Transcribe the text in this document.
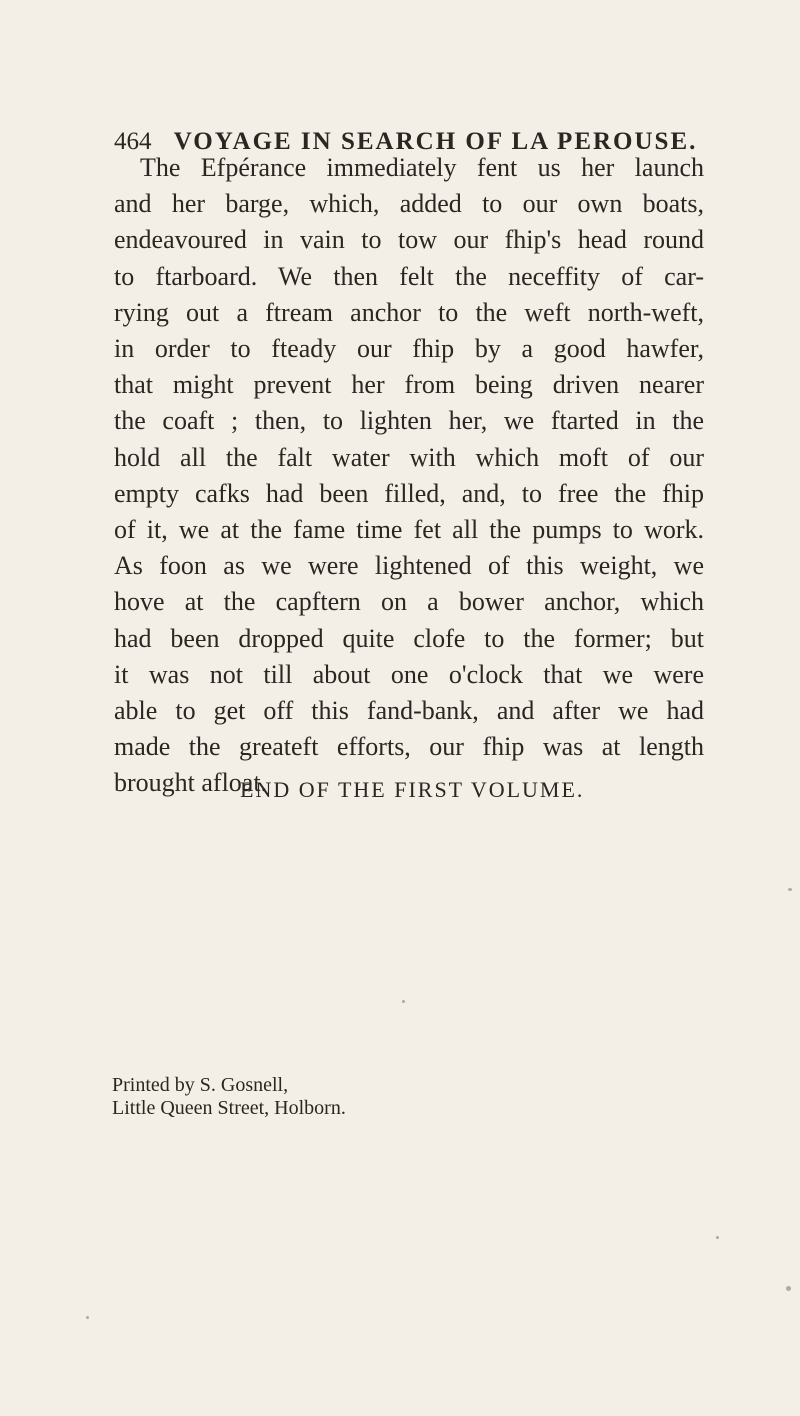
464 VOYAGE IN SEARCH OF LA PEROUSE.
The Efpérance immediately fent us her launch
and her barge, which, added to our own boats,
endeavoured in vain to tow our fhip's head round
to ftarboard. We then felt the neceffity of car-
rying out a ftream anchor to the weft north-weft,
in order to fteady our fhip by a good hawfer,
that might prevent her from being driven nearer
the coaft ; then, to lighten her, we ftarted in the
hold all the falt water with which moft of our
empty cafks had been filled, and, to free the fhip
of it, we at the fame time fet all the pumps to work.
As foon as we were lightened of this weight, we
hove at the capftern on a bower anchor, which
had been dropped quite clofe to the former; but
it was not till about one o'clock that we were
able to get off this fand-bank, and after we had
made the greateft efforts, our fhip was at length
brought afloat.
END OF THE FIRST VOLUME.
Printed by S. Gosnell,
Little Queen Street, Holborn.
